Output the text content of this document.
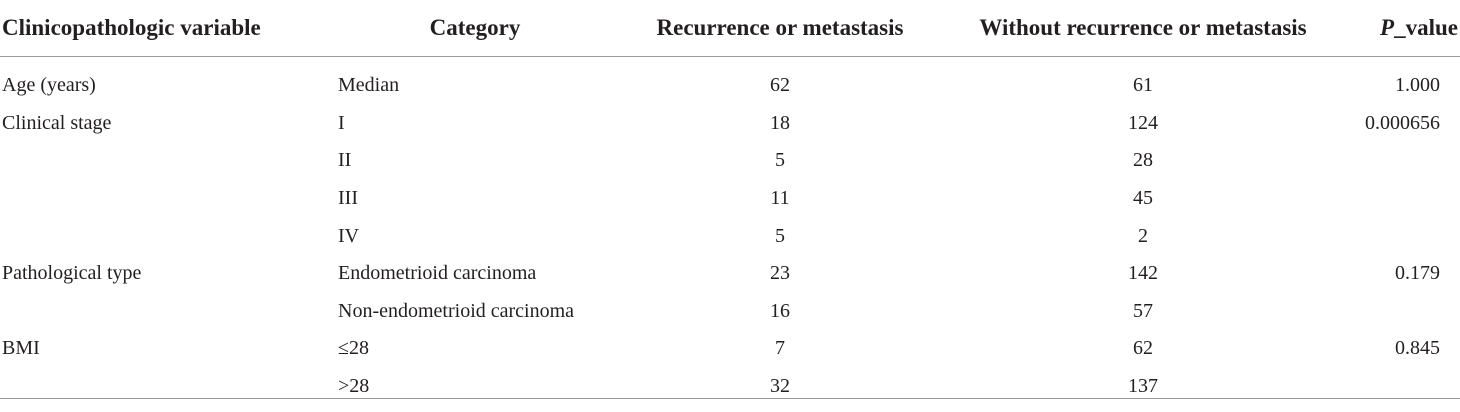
Clinicopathologic variable	Category	Recurrence or metastasis	Without recurrence or metastasis	P_value
Age (years)	Median	62	61	1.000
Clinical stage	I	18	124	0.000656
	II	5	28	
	III	11	45	
	IV	5	2	
Pathological type	Endometrioid carcinoma	23	142	0.179
	Non-endometrioid carcinoma	16	57	
BMI	≤28	7	62	0.845
	>28	32	137	
